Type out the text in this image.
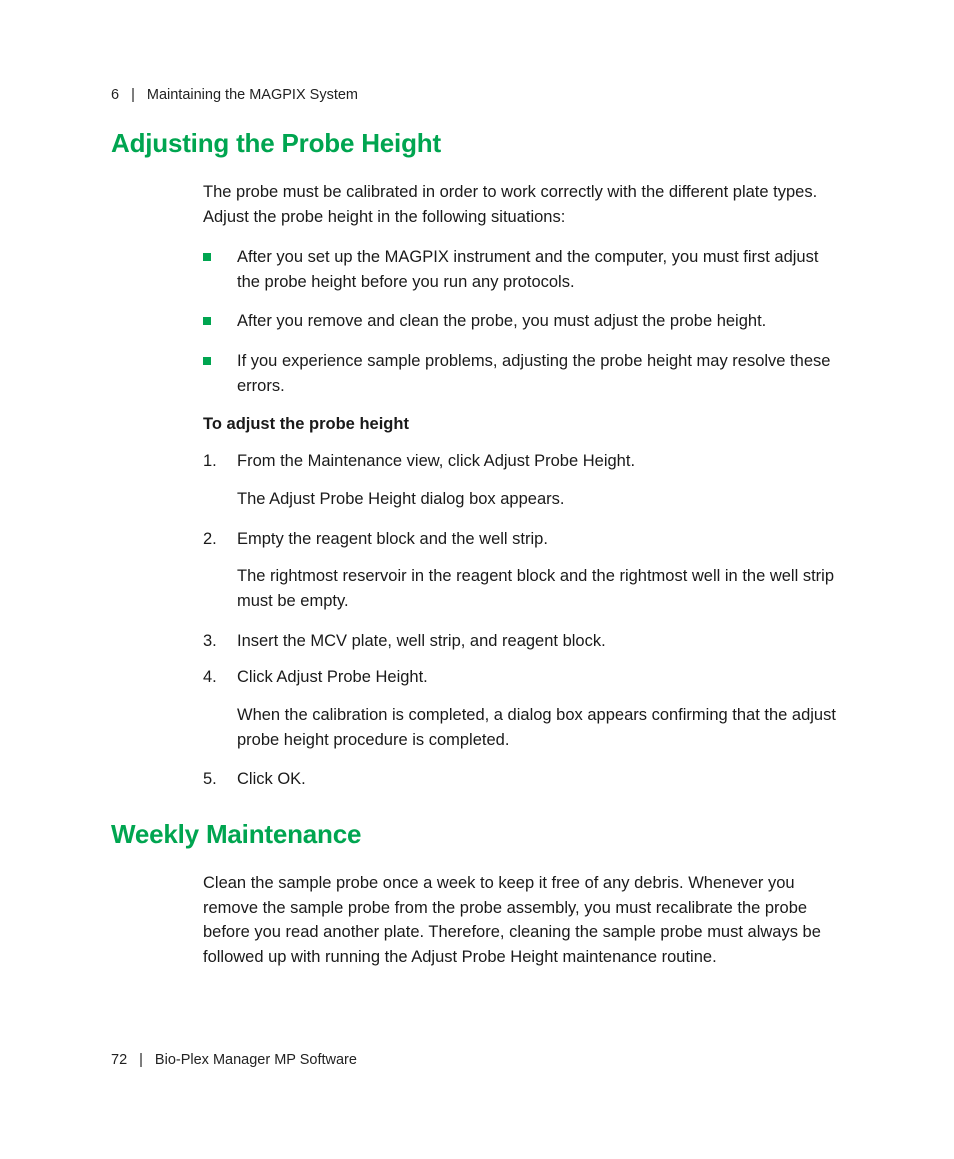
6 | Maintaining the MAGPIX System
Adjusting the Probe Height
The probe must be calibrated in order to work correctly with the different plate types. Adjust the probe height in the following situations:
After you set up the MAGPIX instrument and the computer, you must first adjust the probe height before you run any protocols.
After you remove and clean the probe, you must adjust the probe height.
If you experience sample problems, adjusting the probe height may resolve these errors.
To adjust the probe height
1. From the Maintenance view, click Adjust Probe Height.
The Adjust Probe Height dialog box appears.
2. Empty the reagent block and the well strip.
The rightmost reservoir in the reagent block and the rightmost well in the well strip must be empty.
3. Insert the MCV plate, well strip, and reagent block.
4. Click Adjust Probe Height.
When the calibration is completed, a dialog box appears confirming that the adjust probe height procedure is completed.
5. Click OK.
Weekly Maintenance
Clean the sample probe once a week to keep it free of any debris. Whenever you remove the sample probe from the probe assembly, you must recalibrate the probe before you read another plate. Therefore, cleaning the sample probe must always be followed up with running the Adjust Probe Height maintenance routine.
72 | Bio-Plex Manager MP Software
